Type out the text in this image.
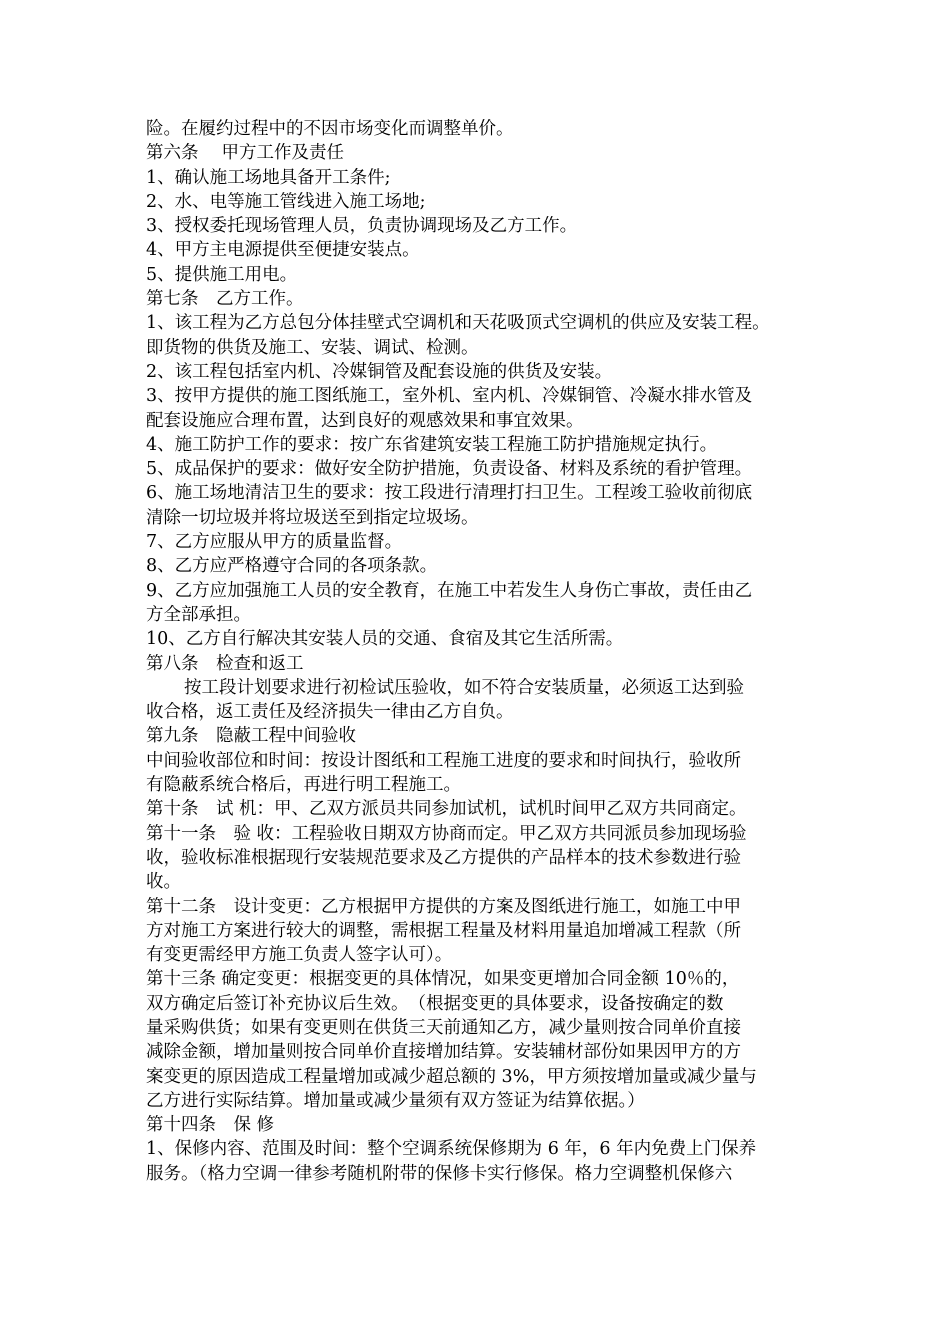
险。在履约过程中的不因市场变化而调整单价。
第六条　 甲方工作及责任
1、确认施工场地具备开工条件;
2、水、电等施工管线进入施工场地;
3、授权委托现场管理人员，负责协调现场及乙方工作。
4、甲方主电源提供至便捷安装点。
5、提供施工用电。
第七条　乙方工作。
1、该工程为乙方总包分体挂壁式空调机和天花吸顶式空调机的供应及安装工程。
即货物的供货及施工、安装、调试、检测。
2、该工程包括室内机、冷媒铜管及配套设施的供货及安装。
3、按甲方提供的施工图纸施工，室外机、室内机、冷媒铜管、冷凝水排水管及
配套设施应合理布置，达到良好的观感效果和事宜效果。
4、施工防护工作的要求：按广东省建筑安装工程施工防护措施规定执行。
5、成品保护的要求：做好安全防护措施，负责设备、材料及系统的看护管理。
6、施工场地清洁卫生的要求：按工段进行清理打扫卫生。工程竣工验收前彻底
清除一切垃圾并将垃圾送至到指定垃圾场。
7、乙方应服从甲方的质量监督。
8、乙方应严格遵守合同的各项条款。
9、乙方应加强施工人员的安全教育，在施工中若发生人身伤亡事故，责任由乙
方全部承担。
10、乙方自行解决其安装人员的交通、食宿及其它生活所需。
第八条　检查和返工
按工段计划要求进行初检试压验收，如不符合安装质量，必须返工达到验
收合格，返工责任及经济损失一律由乙方自负。
第九条　隐蔽工程中间验收
中间验收部位和时间：按设计图纸和工程施工进度的要求和时间执行，验收所
有隐蔽系统合格后，再进行明工程施工。
第十条　试 机：甲、乙双方派员共同参加试机，试机时间甲乙双方共同商定。
第十一条　验 收：工程验收日期双方协商而定。甲乙双方共同派员参加现场验
收，验收标准根据现行安装规范要求及乙方提供的产品样本的技术参数进行验
收。
第十二条　设计变更：乙方根据甲方提供的方案及图纸进行施工，如施工中甲
方对施工方案进行较大的调整，需根据工程量及材料用量追加增减工程款（所
有变更需经甲方施工负责人签字认可）。
第十三条 确定变更：根据变更的具体情况，如果变更增加合同金额 10％的，
双方确定后签订补充协议后生效。　（根据变更的具体要求，设备按确定的数
量采购供货；如果有变更则在供货三天前通知乙方，减少量则按合同单价直接
减除金额，增加量则按合同单价直接增加结算。安装辅材部份如果因甲方的方
案变更的原因造成工程量增加或减少超总额的 3%，甲方须按增加量或减少量与
乙方进行实际结算。增加量或减少量须有双方签证为结算依据。）
第十四条　保 修
1、保修内容、范围及时间：整个空调系统保修期为 6 年，6 年内免费上门保养
服务。（格力空调一律参考随机附带的保修卡实行修保。格力空调整机保修六
